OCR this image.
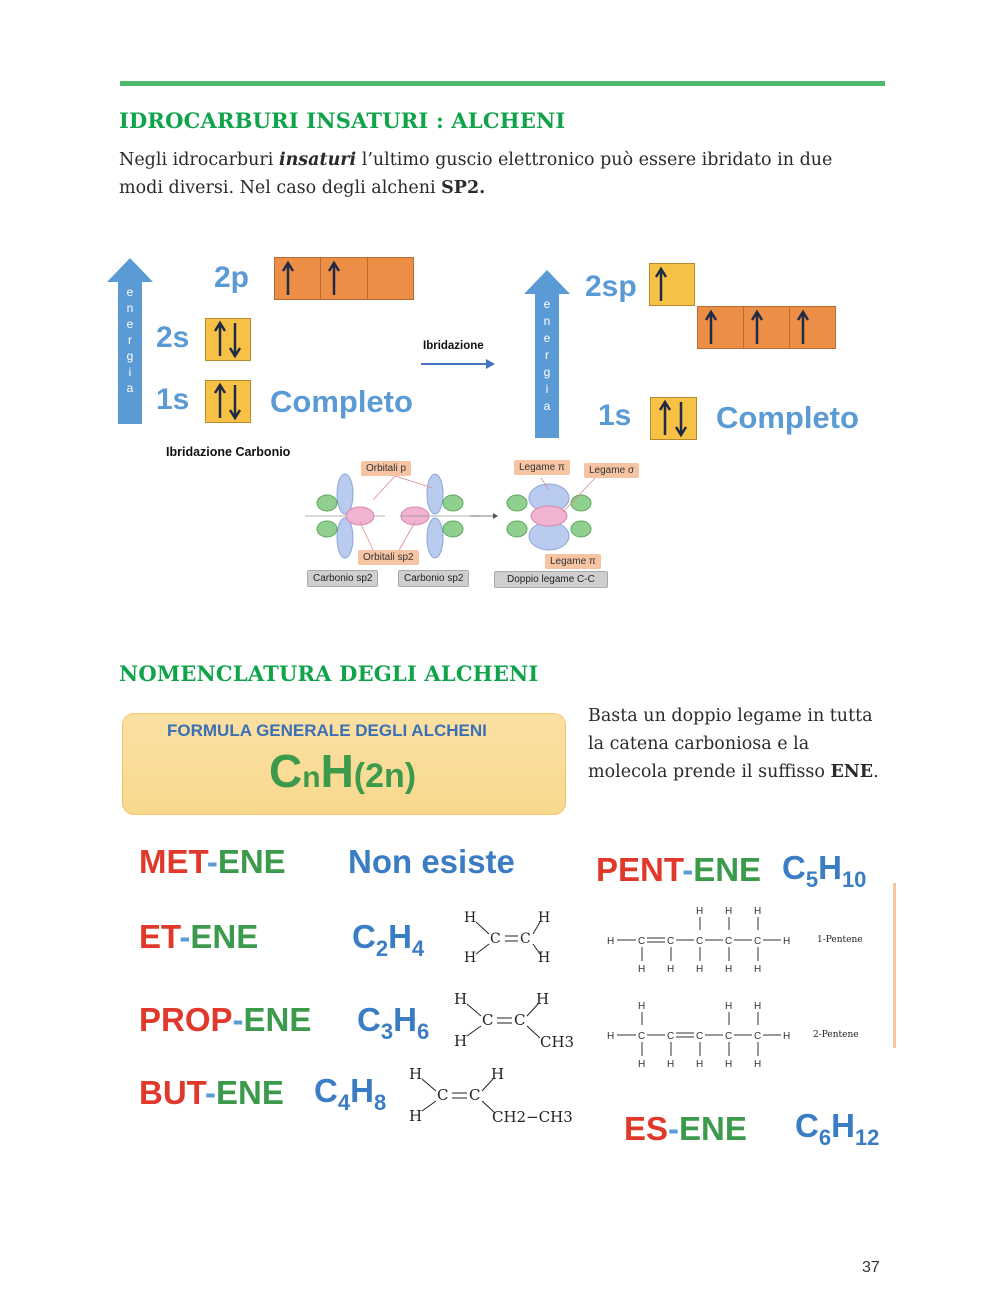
IDROCARBURI INSATURI : ALCHENI
Negli idrocarburi insaturi l’ultimo guscio elettronico può essere ibridato in due modi diversi. Nel caso degli alcheni SP2.
e
n
e
r
g
i
a
2p
2s
1s	Completo
Ibridazione Carbonio
Ibridazione
e
n
e
r
g
i
a
2sp
1s	Completo
Orbitali p
Orbitali sp2
Legame π	Legame σ
Legame π
Carbonio sp2	Carbonio sp2	Doppio legame C-C
NOMENCLATURA DEGLI ALCHENI
FORMULA GENERALE DEGLI ALCHENI
CnH(2n)
Basta un doppio legame in tutta la catena carboniosa e la molecola prende il suffisso ENE.
MET-ENE Non esiste
ET-ENE	$C_2H_4$
PROP-ENE $C_3H_6$
BUT-ENE $C_4H_8$
PENT-ENE $C_5H_{10}$
ES-ENE $C_6H_{12}$
H	H
H	H
C C
H	H
H
C C
CH3
H	H
H
C C
CH2−CH3
H C C C C C H
H H H
H H H H H
1-Pentene
H C C C C C H
H	H H
H H H H H
2-Pentene
37
